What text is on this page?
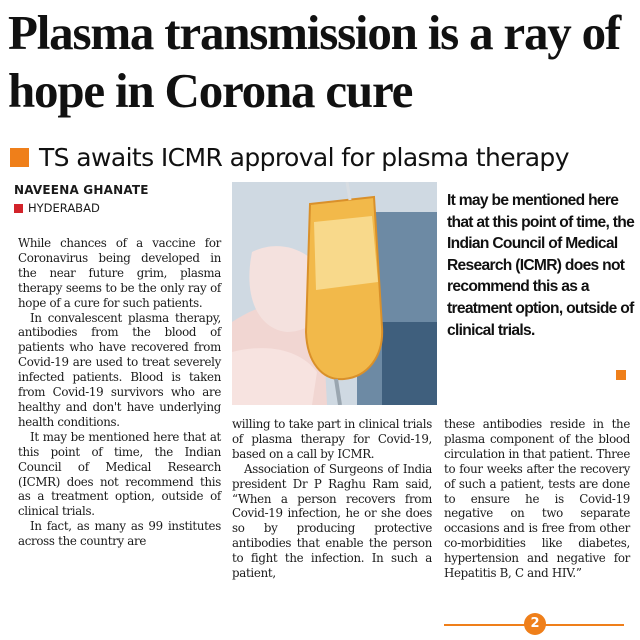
Plasma transmission is a ray of hope in Corona cure
TS awaits ICMR approval for plasma therapy
NAVEENA GHANATE
HYDERABAD

While chances of a vaccine for Coronavirus being developed in the near future grim, plasma therapy seems to be the only ray of hope of a cure for such patients.

In convalescent plasma therapy, antibodies from the blood of patients who have recovered from Covid-19 are used to treat severely infected patients. Blood is taken from Covid-19 survivors who are healthy and don't have underlying health conditions.

It may be mentioned here that at this point of time, the Indian Council of Medical Research (ICMR) does not recommend this as a treatment option, outside of clinical trials.

In fact, as many as 99 institutes across the country are

It may be mentioned here that at this point of time, the Indian Council of Medical Research (ICMR) does not recommend this as a treatment option, outside of clinical trials.

willing to take part in clinical trials of plasma therapy for Covid-19, based on a call by ICMR.

Association of Surgeons of India president Dr P Raghu Ram said, “When a person recovers from Covid-19 infection, he or she does so by producing protective antibodies that enable the person to fight the infection. In such a patient,

these antibodies reside in the plasma component of the blood circulation in that patient. Three to four weeks after the recovery of such a patient, tests are done to ensure he is Covid-19 negative on two separate occasions and is free from other co-morbidities like diabetes, hypertension and negative for Hepatitis B, C and HIV.”

2
